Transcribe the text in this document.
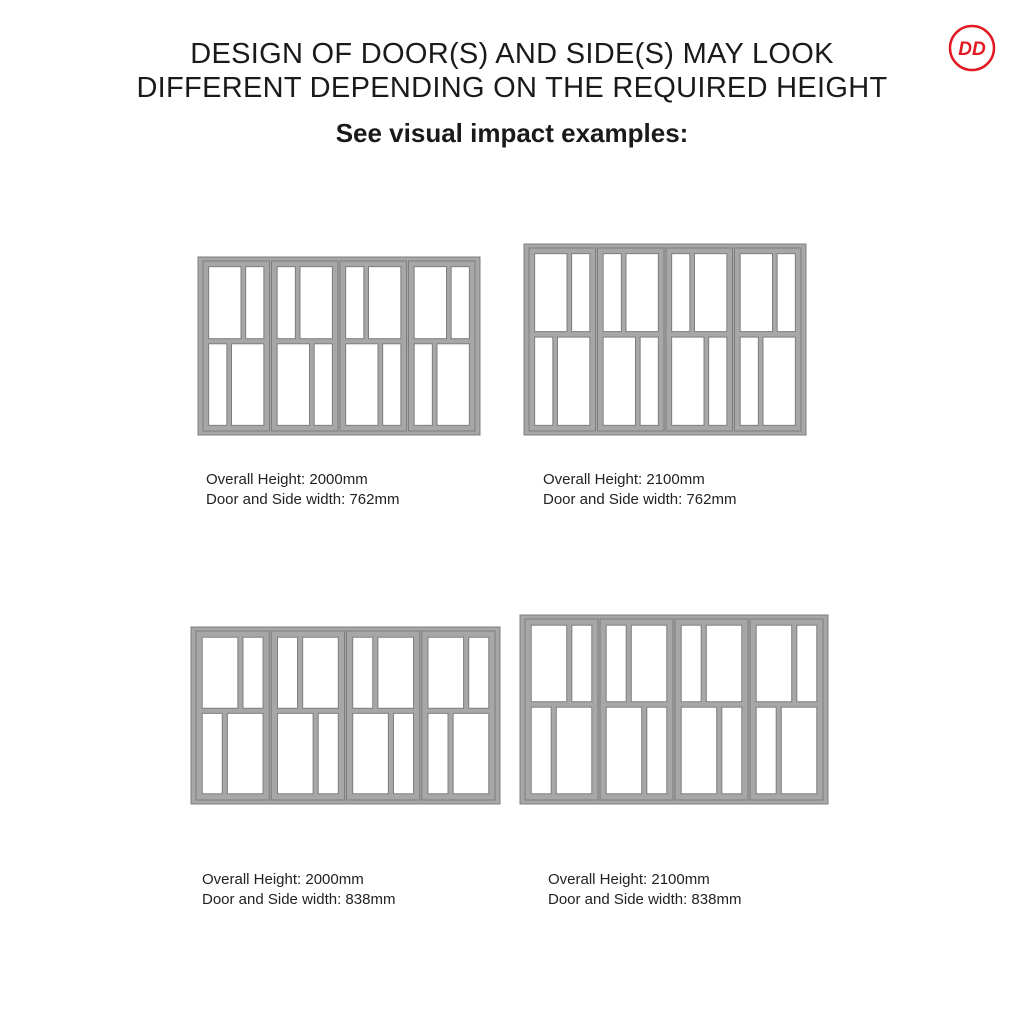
DESIGN OF DOOR(S) AND SIDE(S) MAY LOOK
DIFFERENT DEPENDING ON THE REQUIRED HEIGHT
See visual impact examples:
DD
Overall Height: 2000mm
Door and Side width: 762mm
Overall Height: 2100mm
Door and Side width: 762mm
Overall Height: 2000mm
Door and Side width: 838mm
Overall Height: 2100mm
Door and Side width: 838mm
